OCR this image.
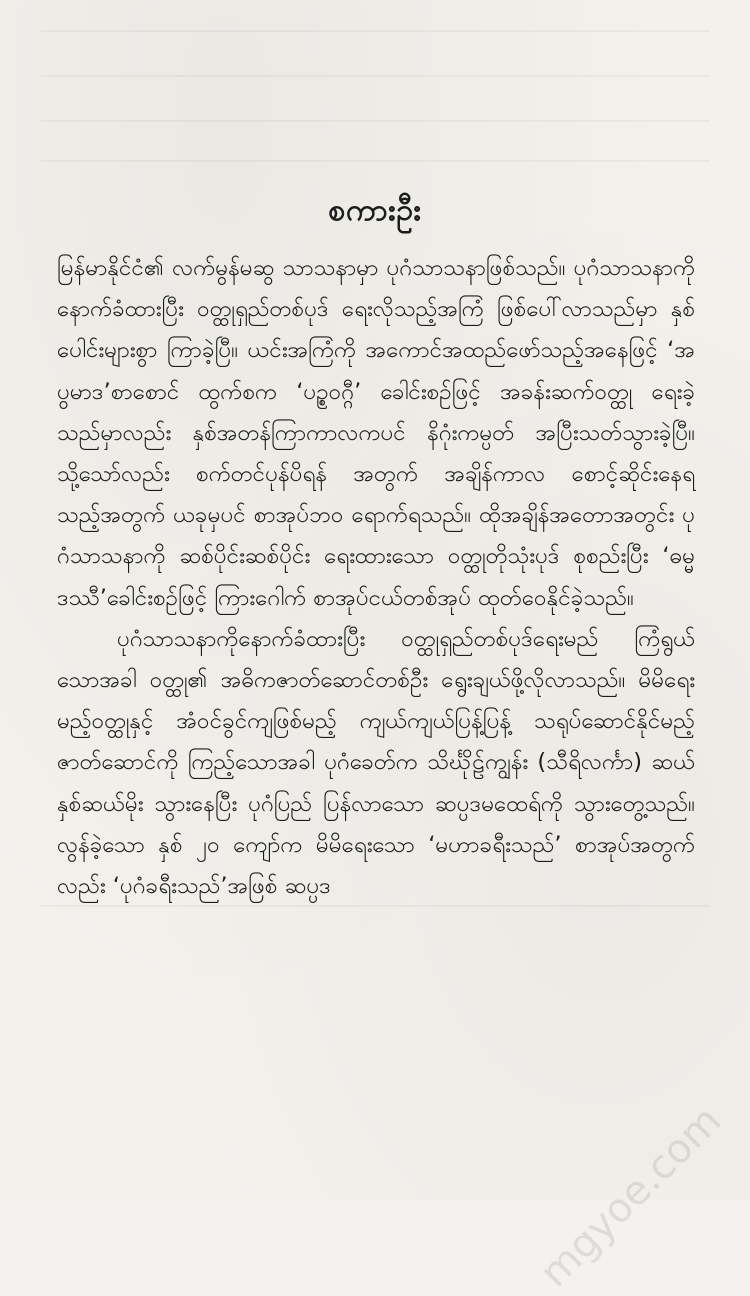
စကားဦး

မြန်မာနိုင်ငံ၏ လက်မွန်မဆွ သာသနာမှာ ပုဂံသာသနာဖြစ်သည်။ ပုဂံသာသနာကို နောက်ခံထားပြီး ဝတ္ထုရှည်တစ်ပုဒ် ရေးလိုသည့်အကြံ ဖြစ်ပေါ်လာသည်မှာ နှစ်ပေါင်းများစွာ ကြာခဲ့ပြီ။ ယင်းအကြံကို အကောင်အထည်ဖော်သည့်အနေဖြင့် ‘အပွမာဒ’စာစောင် ထွက်စက ‘ပဥ္စဝဂ္ဂီ’ ခေါင်းစဉ်ဖြင့် အခန်းဆက်ဝတ္ထု ရေးခဲ့သည်မှာလည်း နှစ်အတန်ကြာကာလကပင် နိဂုံးကမ္ပတ် အပြီးသတ်သွားခဲ့ပြီ။ သို့သော်လည်း စက်တင်ပုန်ပိရန် အတွက် အချိန်ကာလ စောင့်ဆိုင်းနေရသည့်အတွက် ယခုမှပင် စာအုပ်ဘဝ ရောက်ရသည်။ ထိုအချိန်အတောအတွင်း ပုဂံသာသနာကို ဆစ်ပိုင်းဆစ်ပိုင်း ရေးထားသော ဝတ္ထုတိုသုံးပုဒ် စုစည်းပြီး ‘ဓမ္မဒဿီ’ခေါင်းစဉ်ဖြင့် ကြားဂေါက် စာအုပ်ငယ်တစ်အုပ် ထုတ်ဝေနိုင်ခဲ့သည်။

ပုဂံသာသနာကိုနောက်ခံထားပြီး ဝတ္ထုရှည်တစ်ပုဒ်ရေးမည် ကြံရွယ်သောအခါ ဝတ္ထု၏ အဓိကဇာတ်ဆောင်တစ်ဦး ရွေးချယ်ဖို့လိုလာသည်။ မိမိရေးမည့်ဝတ္ထုနှင့် အံဝင်ခွင်ကျဖြစ်မည့် ကျယ်ကျယ်ပြန့်ပြန့် သရုပ်ဆောင်နိုင်မည့် ဇာတ်ဆောင်ကို ကြည့်သောအခါ ပုဂံခေတ်က သိင်္ဃိုဠ်ကျွန်း (သီရိလင်္ကာ) ဆယ်နှစ်ဆယ်မိုး သွားနေပြီး ပုဂံပြည် ပြန်လာသော ဆပ္ပဒမထေရ်ကို သွားတွေ့သည်။ လွန်ခဲ့သော နှစ် ၂၀ ကျော်က မိမိရေးသော ‘မဟာခရီးသည်’ စာအုပ်အတွက်လည်း ‘ပုဂံခရီးသည်’အဖြစ် ဆပ္ပဒ

mgyoe.com
